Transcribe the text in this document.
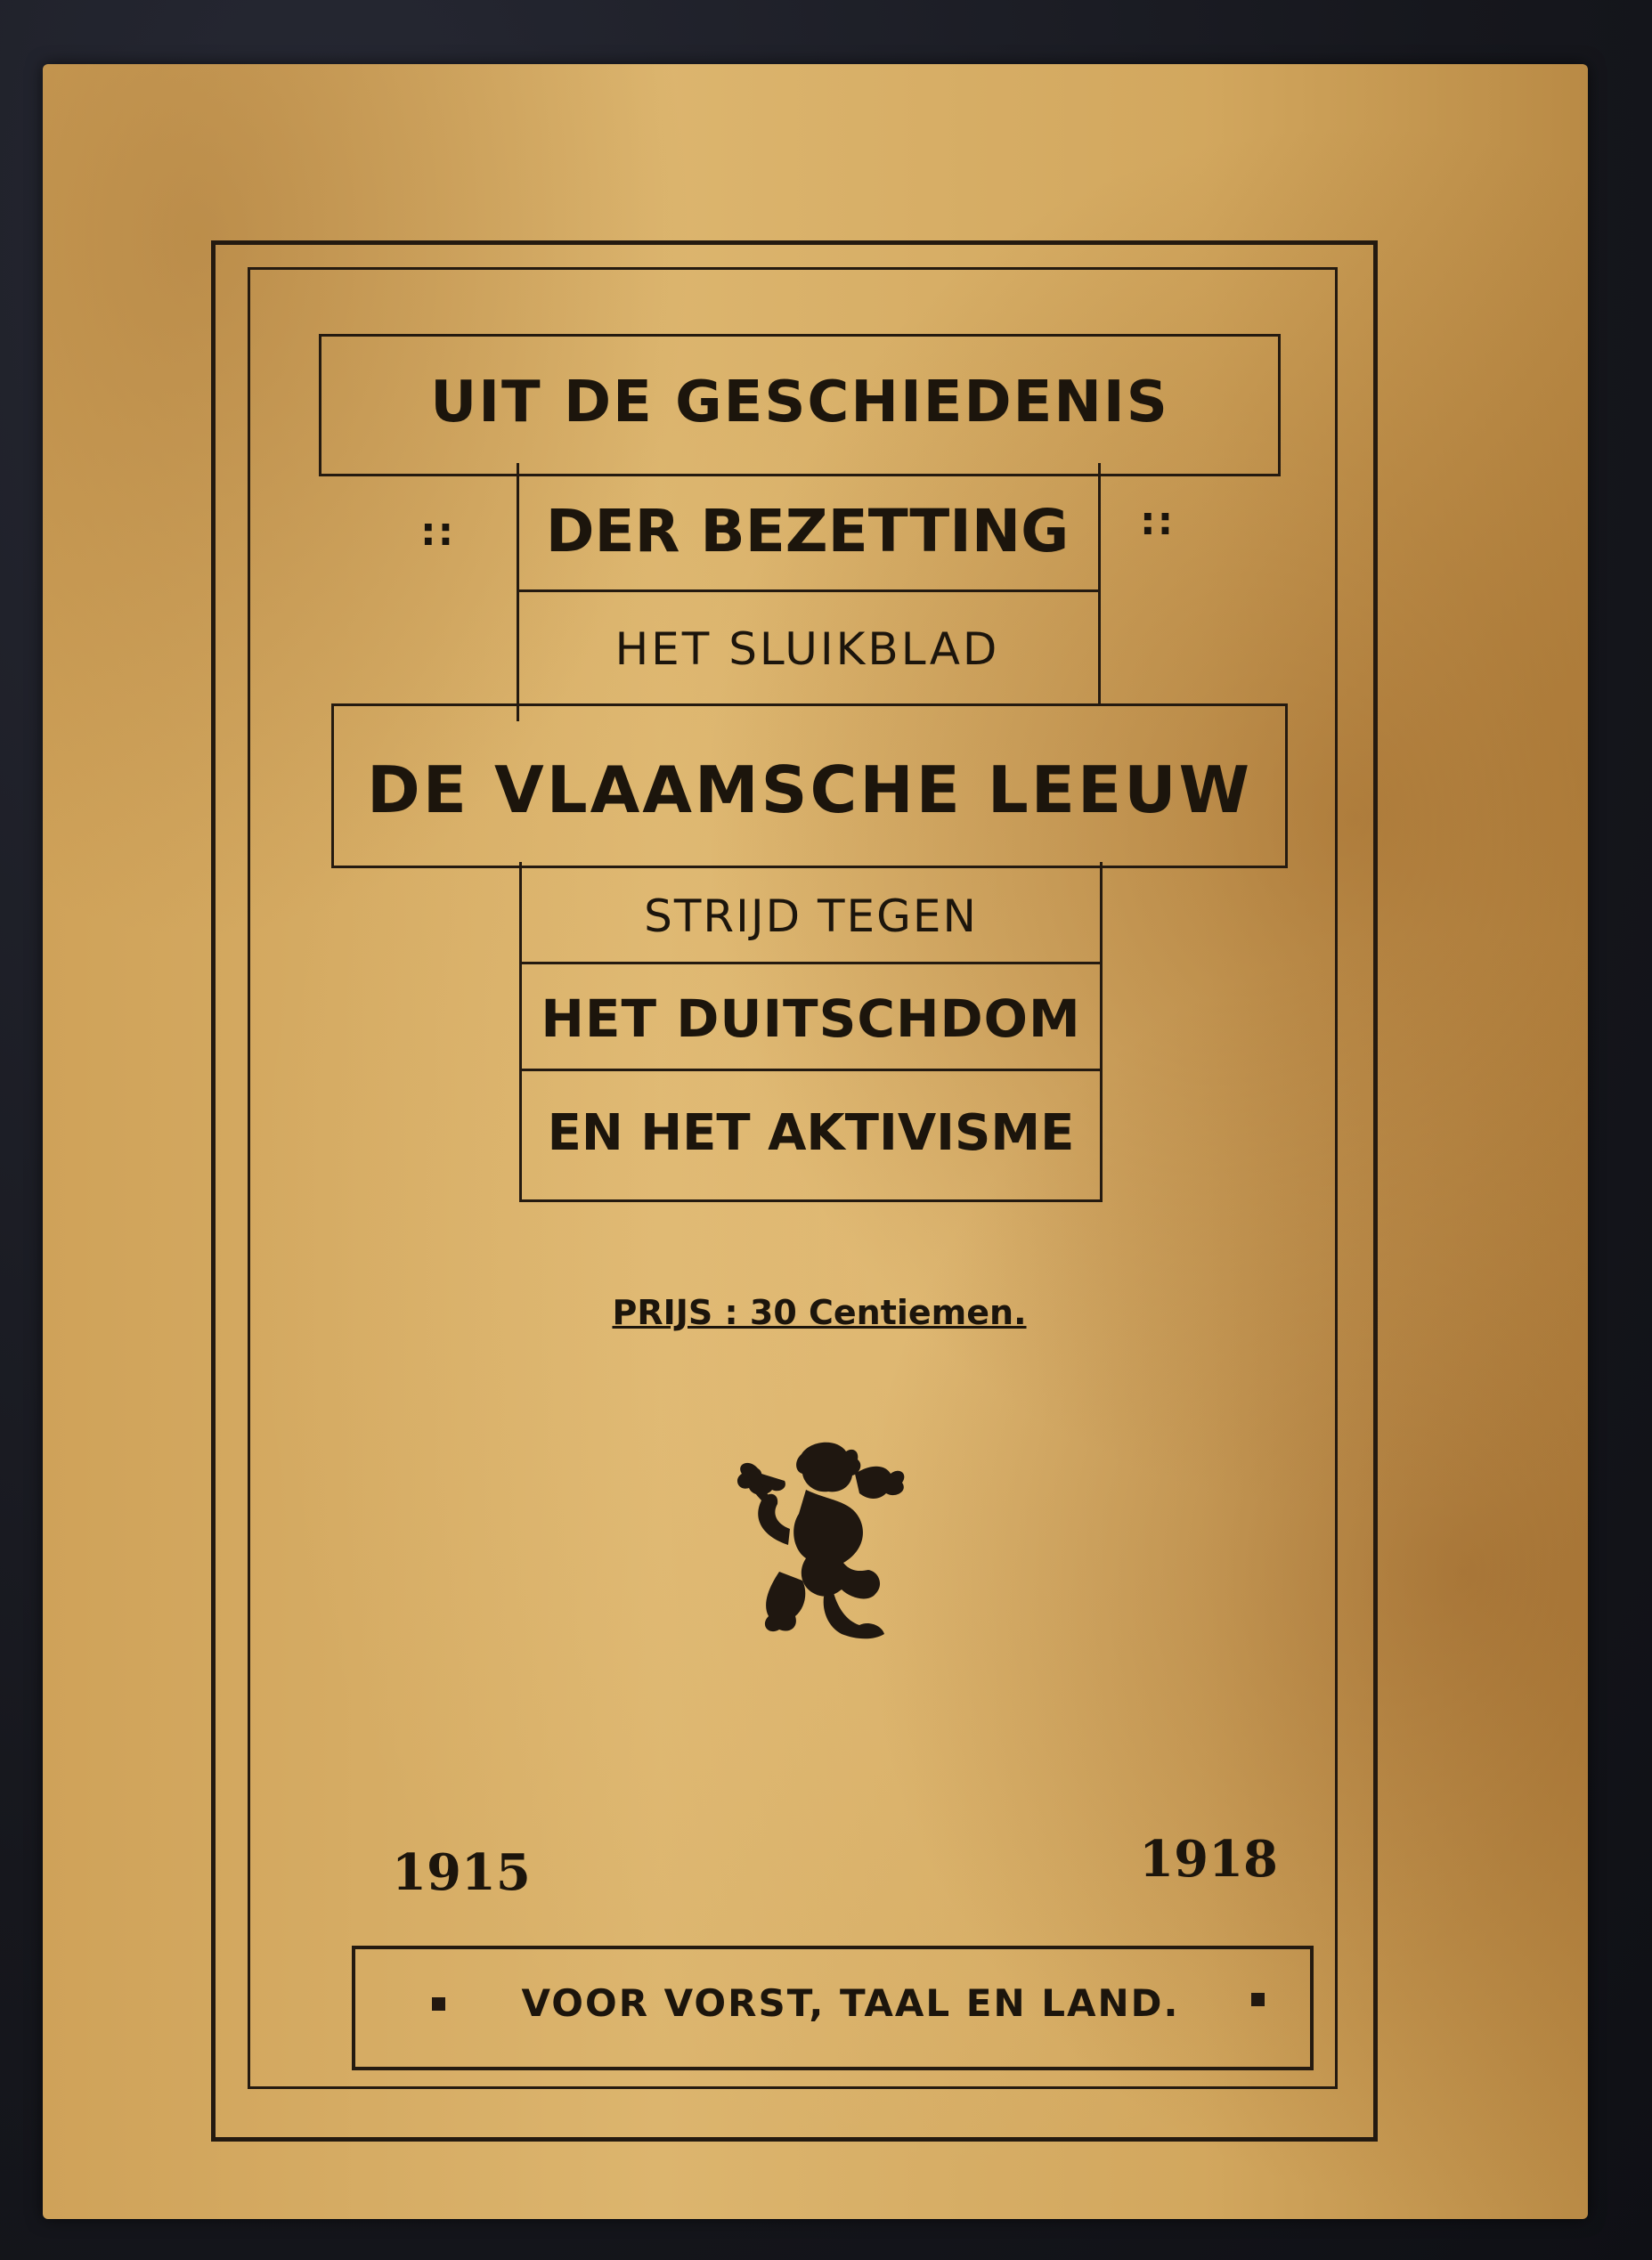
UIT DE GESCHIEDENIS
::	::
DER BEZETTING
HET SLUIKBLAD
DE VLAAMSCHE LEEUW
STRIJD TEGEN
HET DUITSCHDOM
EN HET AKTIVISME
PRIJS : 30 Centiemen.
1915	1918
VOOR VORST, TAAL EN LAND.
